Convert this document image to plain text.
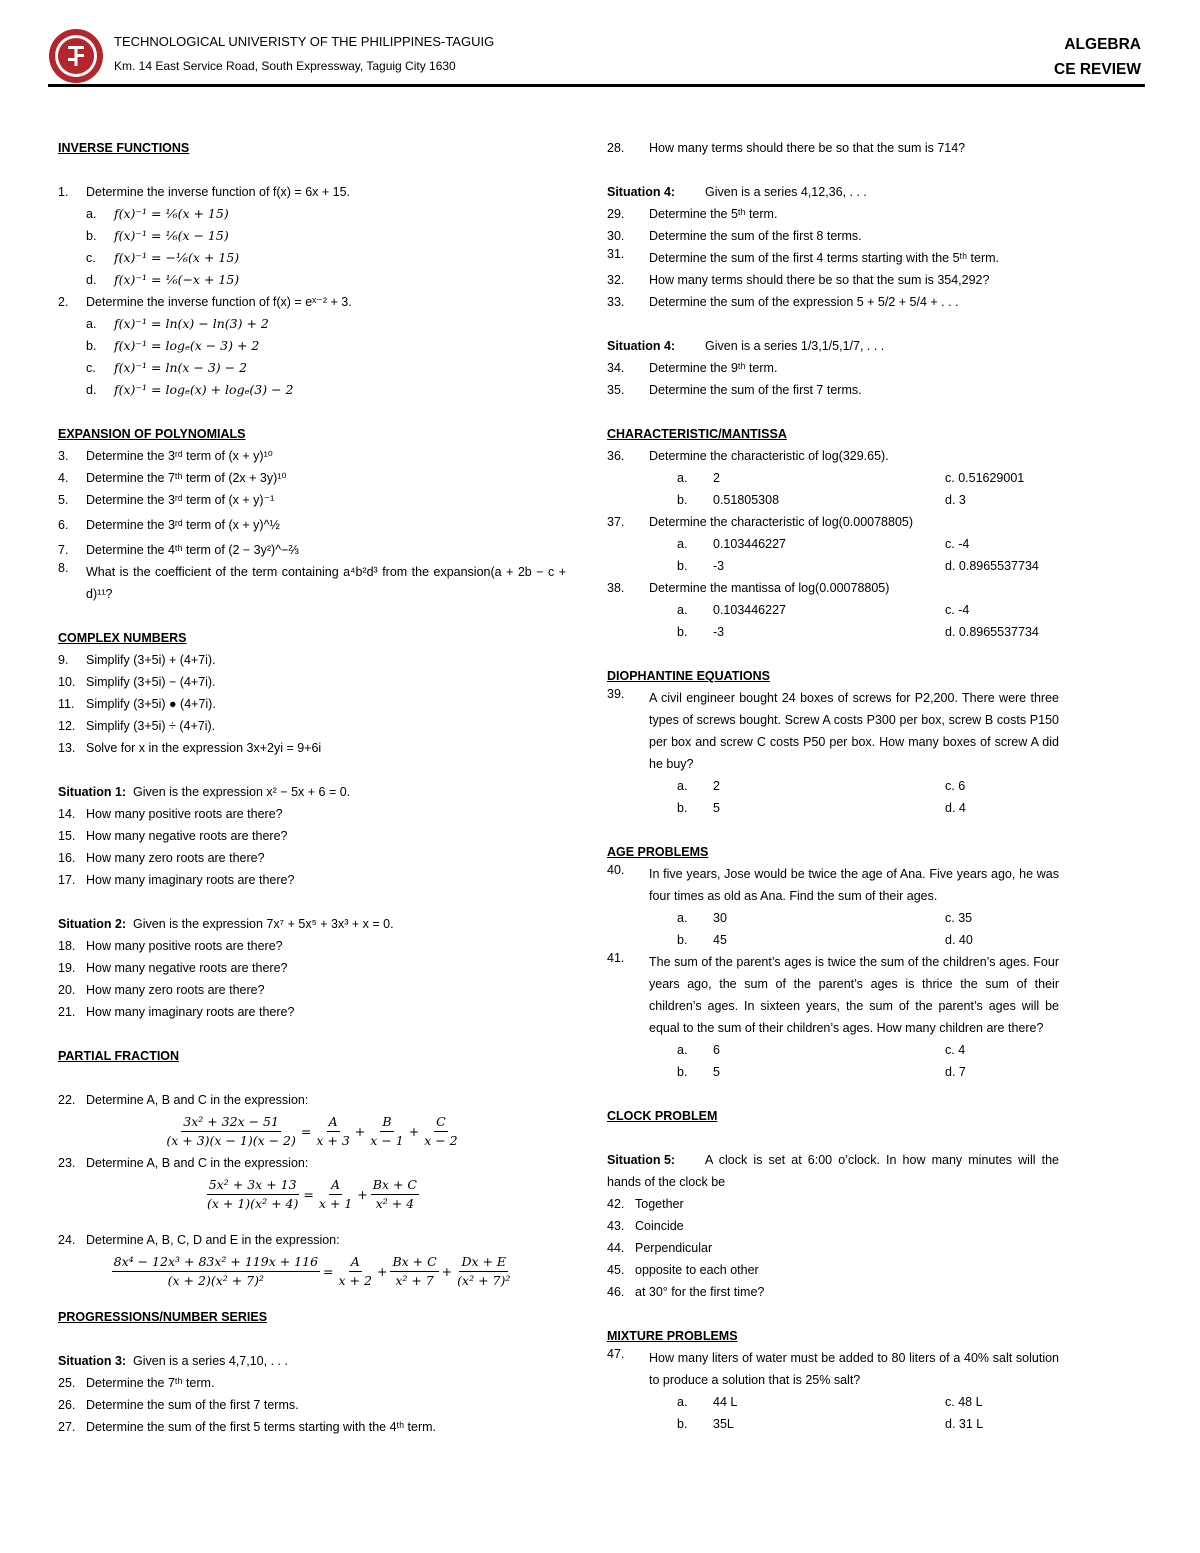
TECHNOLOGICAL UNIVERISTY OF THE PHILIPPINES-TAGUIG
Km. 14 East Service Road, South Expressway, Taguig City 1630
ALGEBRA
CE REVIEW
INVERSE FUNCTIONS
1. Determine the inverse function of f(x) = 6x + 15.
a.	f(x)⁻¹ = ⅙(x + 15)
b.	f(x)⁻¹ = ⅙(x − 15)
c.	f(x)⁻¹ = −⅙(x + 15)
d.	f(x)⁻¹ = ⅙(−x + 15)
2. Determine the inverse function of f(x) = eˣ⁻² + 3.
a.	f(x)⁻¹ = ln(x) − ln(3) + 2
b.	f(x)⁻¹ = logₑ(x − 3) + 2
c.	f(x)⁻¹ = ln(x − 3) − 2
d.	f(x)⁻¹ = logₑ(x) + logₑ(3) − 2
EXPANSION OF POLYNOMIALS
3. Determine the 3ʳᵈ term of (x + y)¹⁰
4. Determine the 7ᵗʰ term of (2x + 3y)¹⁰
5. Determine the 3ʳᵈ term of (x + y)⁻¹
6. Determine the 3ʳᵈ term of (x + y)^½
7. Determine the 4ᵗʰ term of (2 − 3y²)^−⅔
8.	What is the coefficient of the term containing a⁴b²d³ from the expansion(a + 2b − c + d)¹¹?
COMPLEX NUMBERS
9. Simplify (3+5i) + (4+7i).
10. Simplify (3+5i) − (4+7i).
11. Simplify (3+5i) ● (4+7i).
12. Simplify (3+5i) ÷ (4+7i).
13. Solve for x in the expression 3x+2yi = 9+6i
Situation 1: Given is the expression x² − 5x + 6 = 0.
14. How many positive roots are there?
15. How many negative roots are there?
16. How many zero roots are there?
17. How many imaginary roots are there?
Situation 2: Given is the expression 7x⁷ + 5x⁵ + 3x³ + x = 0.
18. How many positive roots are there?
19. How many negative roots are there?
20. How many zero roots are there?
21. How many imaginary roots are there?
PARTIAL FRACTION
22. Determine A, B and C in the expression:
$\frac{\text{3x² + 32x − 51}}{(x + 3)(x - 1)(x - 2)} = \frac{A}{x + 3} + \frac{B}{x - 1} + \frac{C}{x - 2}$
23. Determine A, B and C in the expression:
$\frac{\text{5x² + 3x + 13}}{\text{(x + 1)(x² + 4)}} = \frac{A}{x + 1} + \frac{Bx + C}{\text{x² + 4}}$
24. Determine A, B, C, D and E in the expression:
$\frac{\text{8x⁴ − 12x³ + 83x² + 119x + 116}}{\text{(x + 2)(x² + 7)²}} = \frac{A}{x + 2} + \frac{Bx + C}{\text{x² + 7}} + \frac{Dx + E}{\text{(x² + 7)²}}$
PROGRESSIONS/NUMBER SERIES
Situation 3: Given is a series 4,7,10, . . .
25. Determine the 7ᵗʰ term.
26. Determine the sum of the first 7 terms.
27. Determine the sum of the first 5 terms starting with the 4ᵗʰ term.
28. How many terms should there be so that the sum is 714?
Situation 4: Given is a series 4,12,36, . . .
29. Determine the 5ᵗʰ term.
30. Determine the sum of the first 8 terms.
31.	Determine the sum of the first 4 terms starting with the 5ᵗʰ term.
32. How many terms should there be so that the sum is 354,292?
33. Determine the sum of the expression 5 + 5/2 + 5/4 + . . .
Situation 4: Given is a series 1/3,1/5,1/7, . . .
34. Determine the 9ᵗʰ term.
35. Determine the sum of the first 7 terms.
CHARACTERISTIC/MANTISSA
36. Determine the characteristic of log(329.65).
a. 2	c. 0.51629001
b. 0.51805308	d. 3
37. Determine the characteristic of log(0.00078805)
a. 0.103446227	c. -4
b. -3	d. 0.8965537734
38. Determine the mantissa of log(0.00078805)
a. 0.103446227	c. -4
b. -3	d. 0.8965537734
DIOPHANTINE EQUATIONS
39.	A civil engineer bought 24 boxes of screws for P2,200. There were three types of screws bought. Screw A costs P300 per box, screw B costs P150 per box and screw C costs P50 per box. How many boxes of screw A did he buy?
a. 2	c. 6
b. 5	d. 4
AGE PROBLEMS
40.	In five years, Jose would be twice the age of Ana. Five years ago, he was four times as old as Ana. Find the sum of their ages.
a. 30	c. 35
b. 45	d. 40
41.	The sum of the parent’s ages is twice the sum of the children’s ages. Four years ago, the sum of the parent’s ages is thrice the sum of their children’s ages. In sixteen years, the sum of the parent’s ages will be equal to the sum of their children’s ages. How many children are there?
a. 6	c. 4
b. 5	d. 7
CLOCK PROBLEM
Situation 5: A clock is set at 6:00 o’clock. In how many minutes will the hands of the clock be
42. Together
43. Coincide
44. Perpendicular
45. opposite to each other
46. at 30° for the first time?
MIXTURE PROBLEMS
47.	How many liters of water must be added to 80 liters of a 40% salt solution to produce a solution that is 25% salt?
a. 44 L	c. 48 L
b. 35L	d. 31 L
